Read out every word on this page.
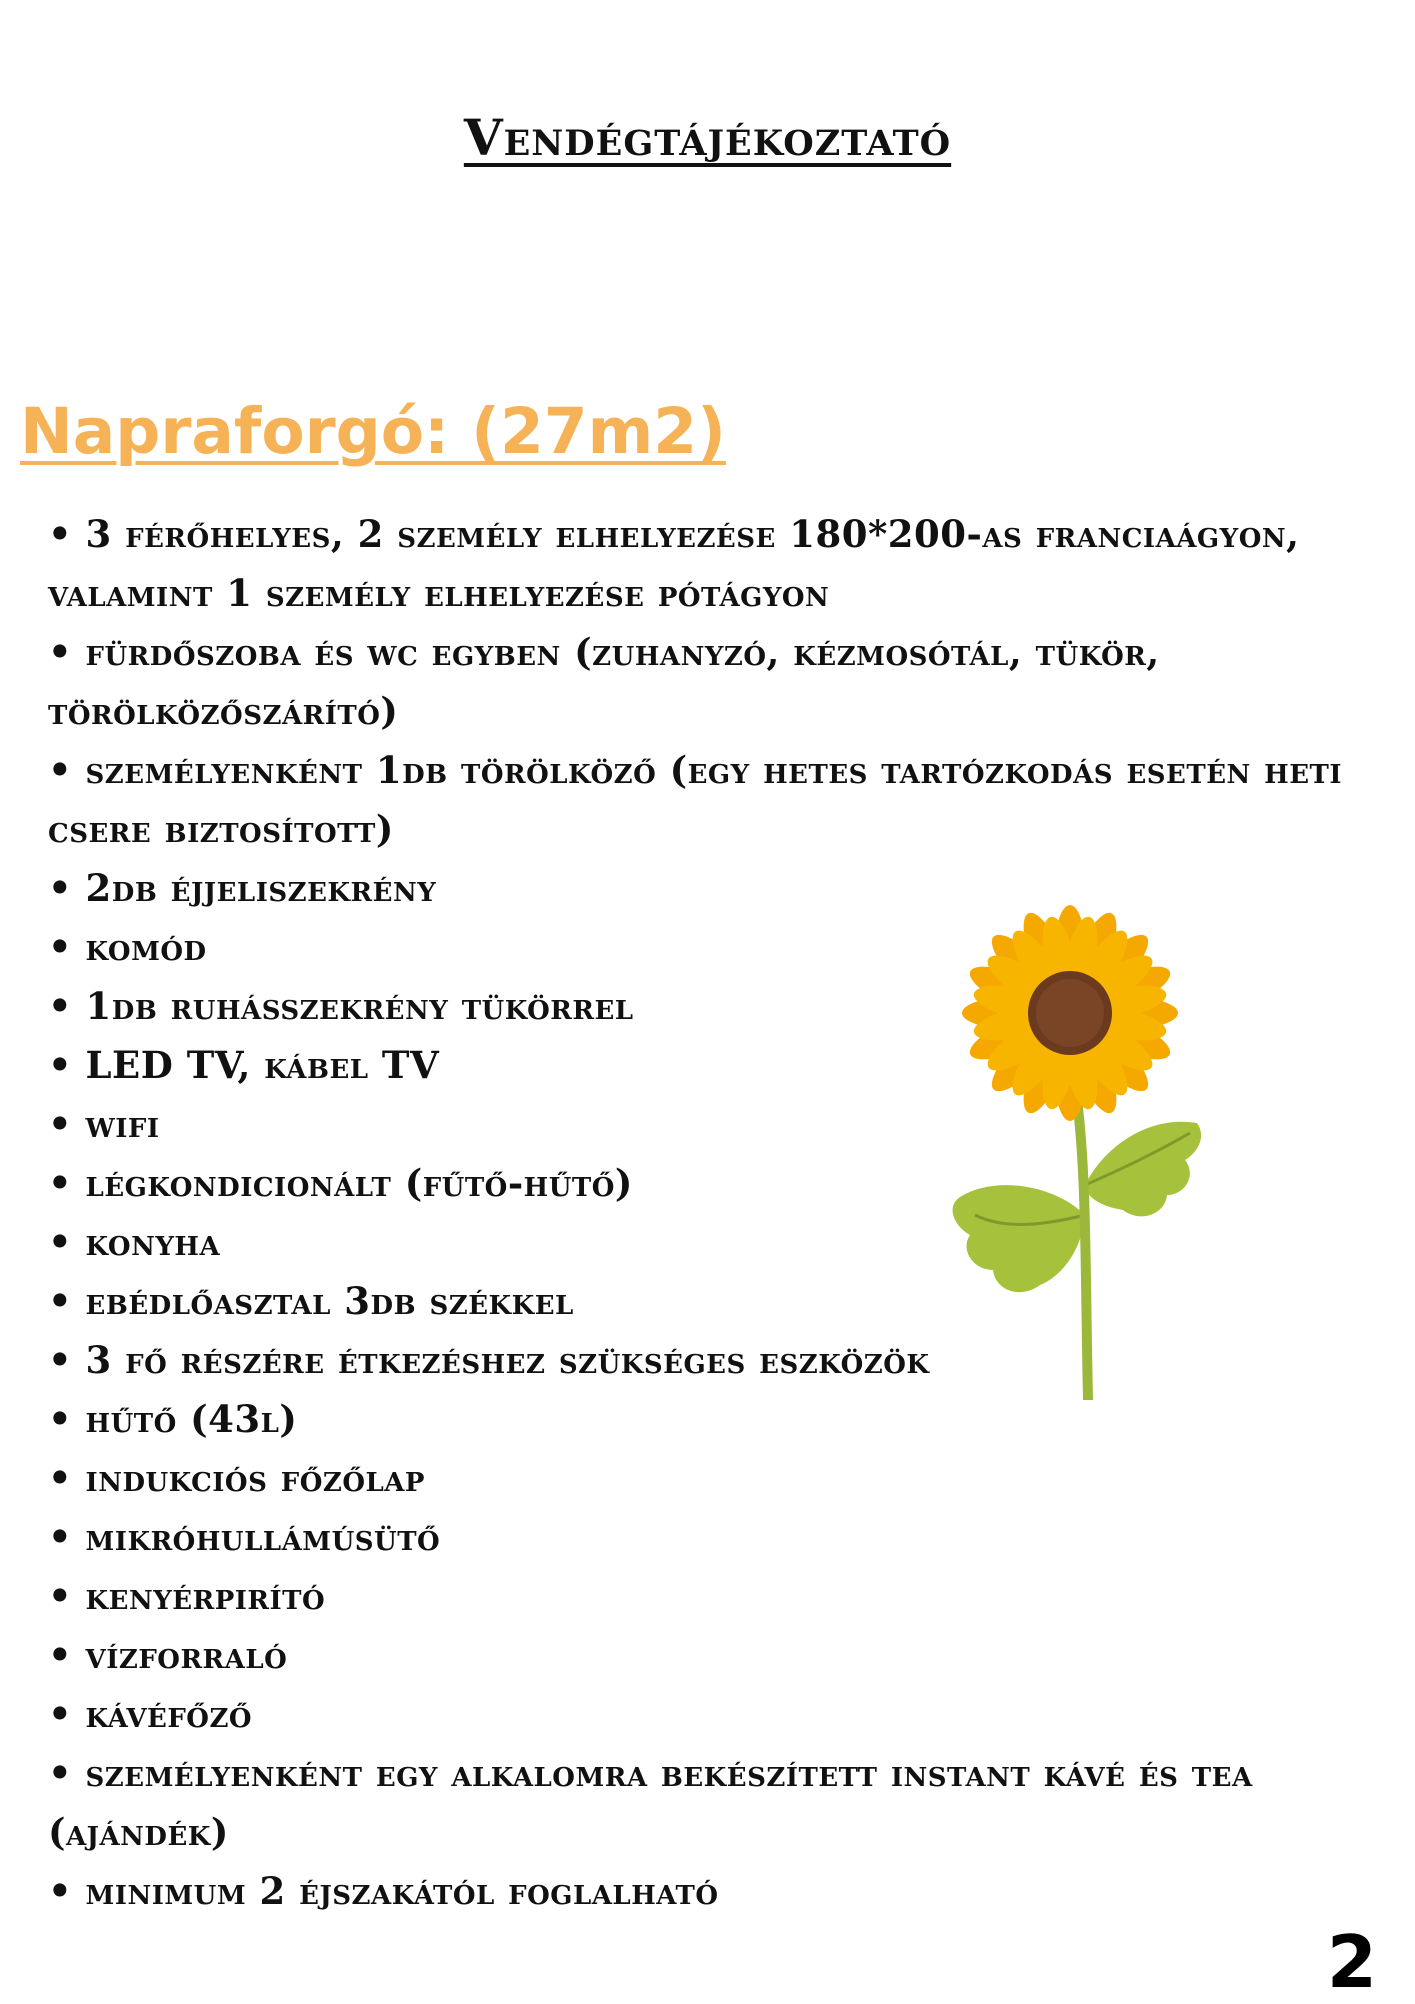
Vendégtájékoztató
Napraforgó: (27m2)
• 3 férőhelyes, 2 személy elhelyezése 180*200-as franciaágyon, valamint 1 személy elhelyezése pótágyon
• fürdőszoba és wc egyben (zuhanyzó, kézmosótál, tükör, törölközőszárító)
• személyenként 1db törölköző (egy hetes tartózkodás esetén heti csere biztosított)
• 2db éjjeliszekrény
• komód
• 1db ruhásszekrény tükörrel
• LED TV, kábel TV
• wifi
• légkondicionált (fűtő-hűtő)
• konyha
• ebédlőasztal 3db székkel
• 3 fő részére étkezéshez szükséges eszközök
• hűtő (43l)
• indukciós főzőlap
• mikróhullámúsütő
• kenyérpirító
• vízforraló
• kávéfőző
• személyenként egy alkalomra bekészített instant kávé és tea (ajándék)
• minimum 2 éjszakától foglalható
2
